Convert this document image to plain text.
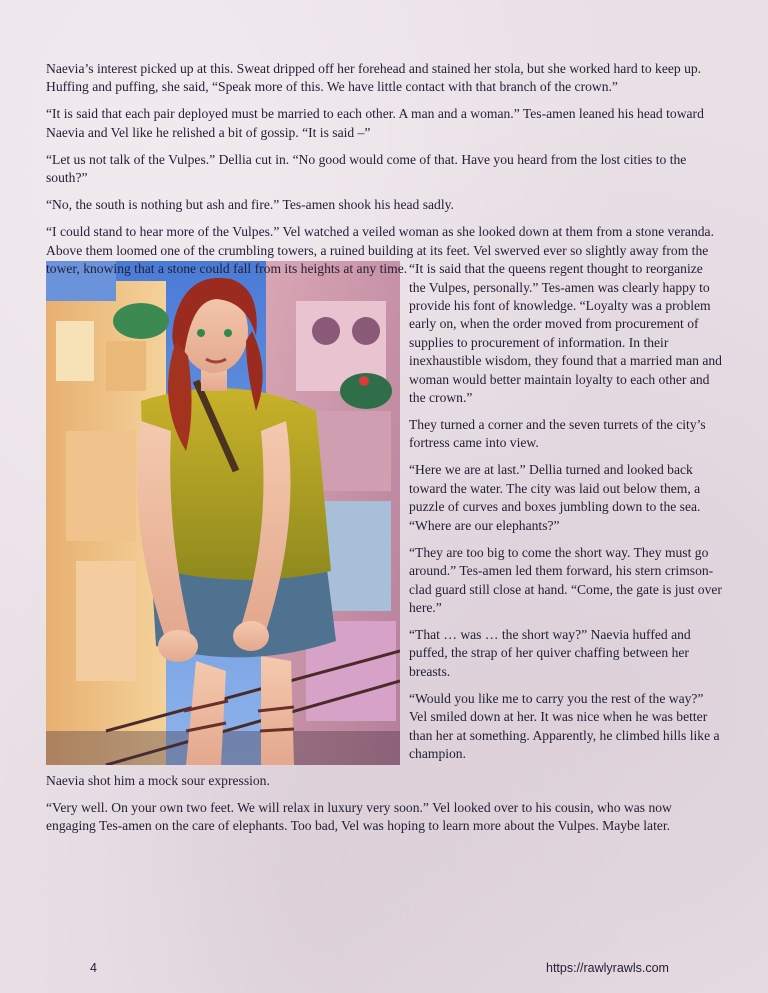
Naevia’s interest picked up at this. Sweat dripped off her forehead and stained her stola, but she worked hard to keep up. Huffing and puffing, she said, “Speak more of this. We have little contact with that branch of the crown.”

“It is said that each pair deployed must be married to each other. A man and a woman.” Tes-amen leaned his head toward Naevia and Vel like he relished a bit of gossip. “It is said –”

“Let us not talk of the Vulpes.” Dellia cut in. “No good would come of that. Have you heard from the lost cities to the south?”

“No, the south is nothing but ash and fire.” Tes-amen shook his head sadly.

“I could stand to hear more of the Vulpes.” Vel watched a veiled woman as she looked down at them from a stone veranda. Above them loomed one of the crumbling towers, a ruined building at its feet. Vel swerved ever so slightly away from the tower, knowing that a stone could fall from its heights at any time. “It is said that the queens regent thought to reorganize the Vulpes, personally.” Tes-amen was clearly happy to provide his font of knowledge. “Loyalty was a problem early on, when the order moved from procurement of supplies to procurement of information. In their inexhaustible wisdom, they found that a married man and woman would better maintain loyalty to each other and the crown.”

They turned a corner and the seven turrets of the city’s fortress came into view.

“Here we are at last.” Dellia turned and looked back toward the water. The city was laid out below them, a puzzle of curves and boxes jumbling down to the sea. “Where are our elephants?”

“They are too big to come the short way. They must go around.” Tes-amen led them forward, his stern crimson-clad guard still close at hand. “Come, the gate is just over here.”

“That … was … the short way?” Naevia huffed and puffed, the strap of her quiver chaffing between her breasts.

“Would you like me to carry you the rest of the way?” Vel smiled down at her. It was nice when he was better than her at something. Apparently, he climbed hills like a champion.

Naevia shot him a mock sour expression.

“Very well. On your own two feet. We will relax in luxury very soon.” Vel looked over to his cousin, who was now engaging Tes-amen on the care of elephants. Too bad, Vel was hoping to learn more about the Vulpes. Maybe later.

4	https://rawlyrawls.com
